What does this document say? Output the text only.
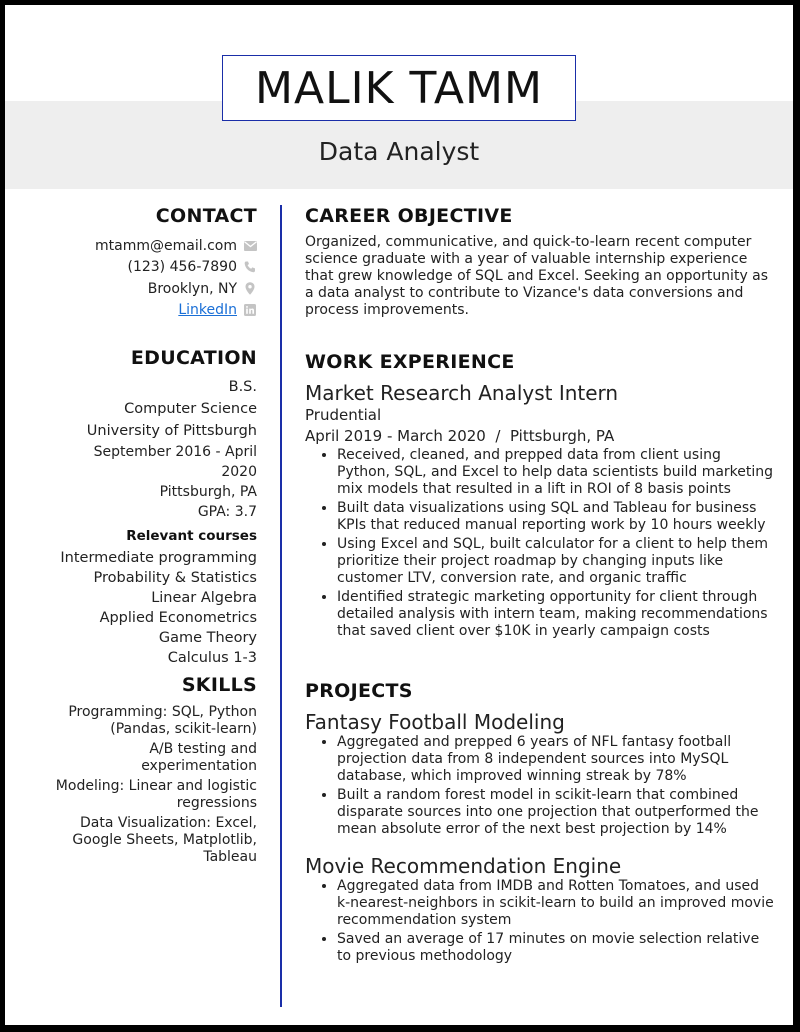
MALIK TAMM
Data Analyst
CONTACT
mtamm@email.com
(123) 456-7890
Brooklyn, NY
LinkedIn
EDUCATION
B.S.
Computer Science
University of Pittsburgh
September 2016 - April 2020
Pittsburgh, PA
GPA: 3.7
Relevant courses
Intermediate programming
Probability & Statistics
Linear Algebra
Applied Econometrics
Game Theory
Calculus 1-3
SKILLS
Programming: SQL, Python (Pandas, scikit-learn)
A/B testing and experimentation
Modeling: Linear and logistic regressions
Data Visualization: Excel, Google Sheets, Matplotlib, Tableau
CAREER OBJECTIVE

Organized, communicative, and quick-to-learn recent computer science graduate with a year of valuable internship experience that grew knowledge of SQL and Excel. Seeking an opportunity as a data analyst to contribute to Vizance's data conversions and process improvements.

WORK EXPERIENCE
Market Research Analyst Intern
Prudential
April 2019 - March 2020  /  Pittsburgh, PA
• Received, cleaned, and prepped data from client using Python, SQL, and Excel to help data scientists build marketing mix models that resulted in a lift in ROI of 8 basis points
• Built data visualizations using SQL and Tableau for business KPIs that reduced manual reporting work by 10 hours weekly
• Using Excel and SQL, built calculator for a client to help them prioritize their project roadmap by changing inputs like customer LTV, conversion rate, and organic traffic
• Identified strategic marketing opportunity for client through detailed analysis with intern team, making recommendations that saved client over $10K in yearly campaign costs
PROJECTS
Fantasy Football Modeling
• Aggregated and prepped 6 years of NFL fantasy football projection data from 8 independent sources into MySQL database, which improved winning streak by 78%
• Built a random forest model in scikit-learn that combined disparate sources into one projection that outperformed the mean absolute error of the next best projection by 14%
Movie Recommendation Engine
• Aggregated data from IMDB and Rotten Tomatoes, and used k-nearest-neighbors in scikit-learn to build an improved movie recommendation system
• Saved an average of 17 minutes on movie selection relative to previous methodology
